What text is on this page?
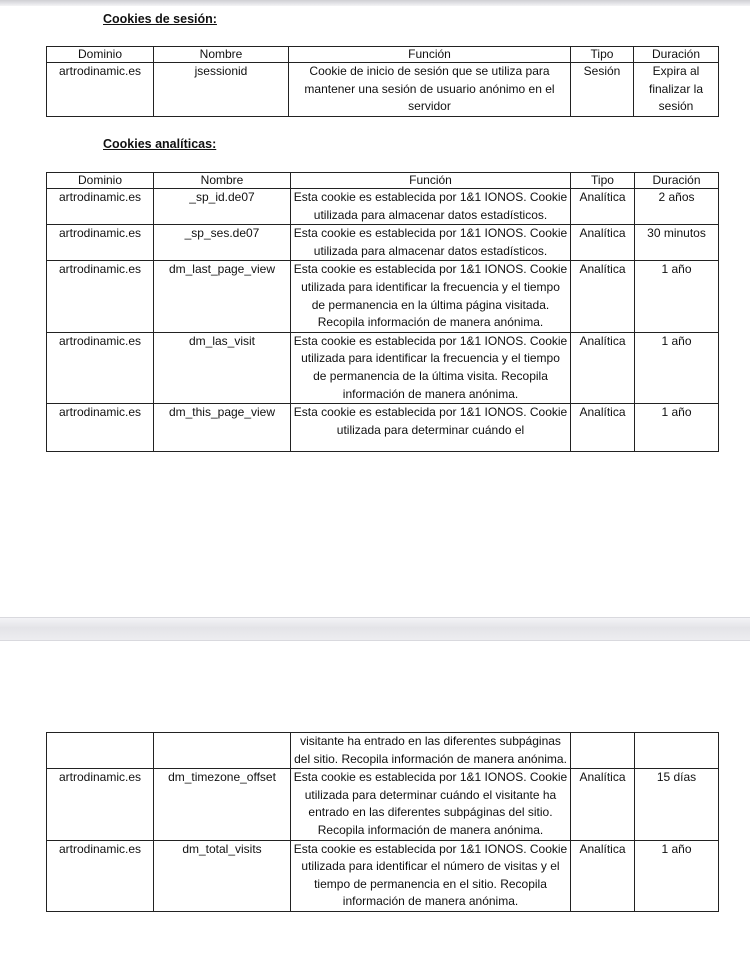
Cookies de sesión:
Dominio	Nombre	Función	Tipo	Duración
artrodinamic.es	jsessionid	Cookie de inicio de sesión que se utiliza para mantener una sesión de usuario anónimo en el servidor	Sesión	Expira al finalizar la sesión
Cookies analíticas:
Dominio	Nombre	Función	Tipo	Duración
artrodinamic.es	_sp_id.de07	Esta cookie es establecida por 1&1 IONOS. Cookie utilizada para almacenar datos estadísticos.	Analítica	2 años
artrodinamic.es	_sp_ses.de07	Esta cookie es establecida por 1&1 IONOS. Cookie utilizada para almacenar datos estadísticos.	Analítica	30 minutos
artrodinamic.es	dm_last_page_view	Esta cookie es establecida por 1&1 IONOS. Cookie utilizada para identificar la frecuencia y el tiempo de permanencia en la última página visitada. Recopila información de manera anónima.	Analítica	1 año
artrodinamic.es	dm_las_visit	Esta cookie es establecida por 1&1 IONOS. Cookie utilizada para identificar la frecuencia y el tiempo de permanencia de la última visita. Recopila información de manera anónima.	Analítica	1 año
artrodinamic.es	dm_this_page_view	Esta cookie es establecida por 1&1 IONOS. Cookie utilizada para determinar cuándo el	Analítica	1 año
		visitante ha entrado en las diferentes subpáginas del sitio. Recopila información de manera anónima.		
artrodinamic.es	dm_timezone_offset	Esta cookie es establecida por 1&1 IONOS. Cookie utilizada para determinar cuándo el visitante ha entrado en las diferentes subpáginas del sitio. Recopila información de manera anónima.	Analítica	15 días
artrodinamic.es	dm_total_visits	Esta cookie es establecida por 1&1 IONOS. Cookie utilizada para identificar el número de visitas y el tiempo de permanencia en el sitio. Recopila información de manera anónima.	Analítica	1 año
